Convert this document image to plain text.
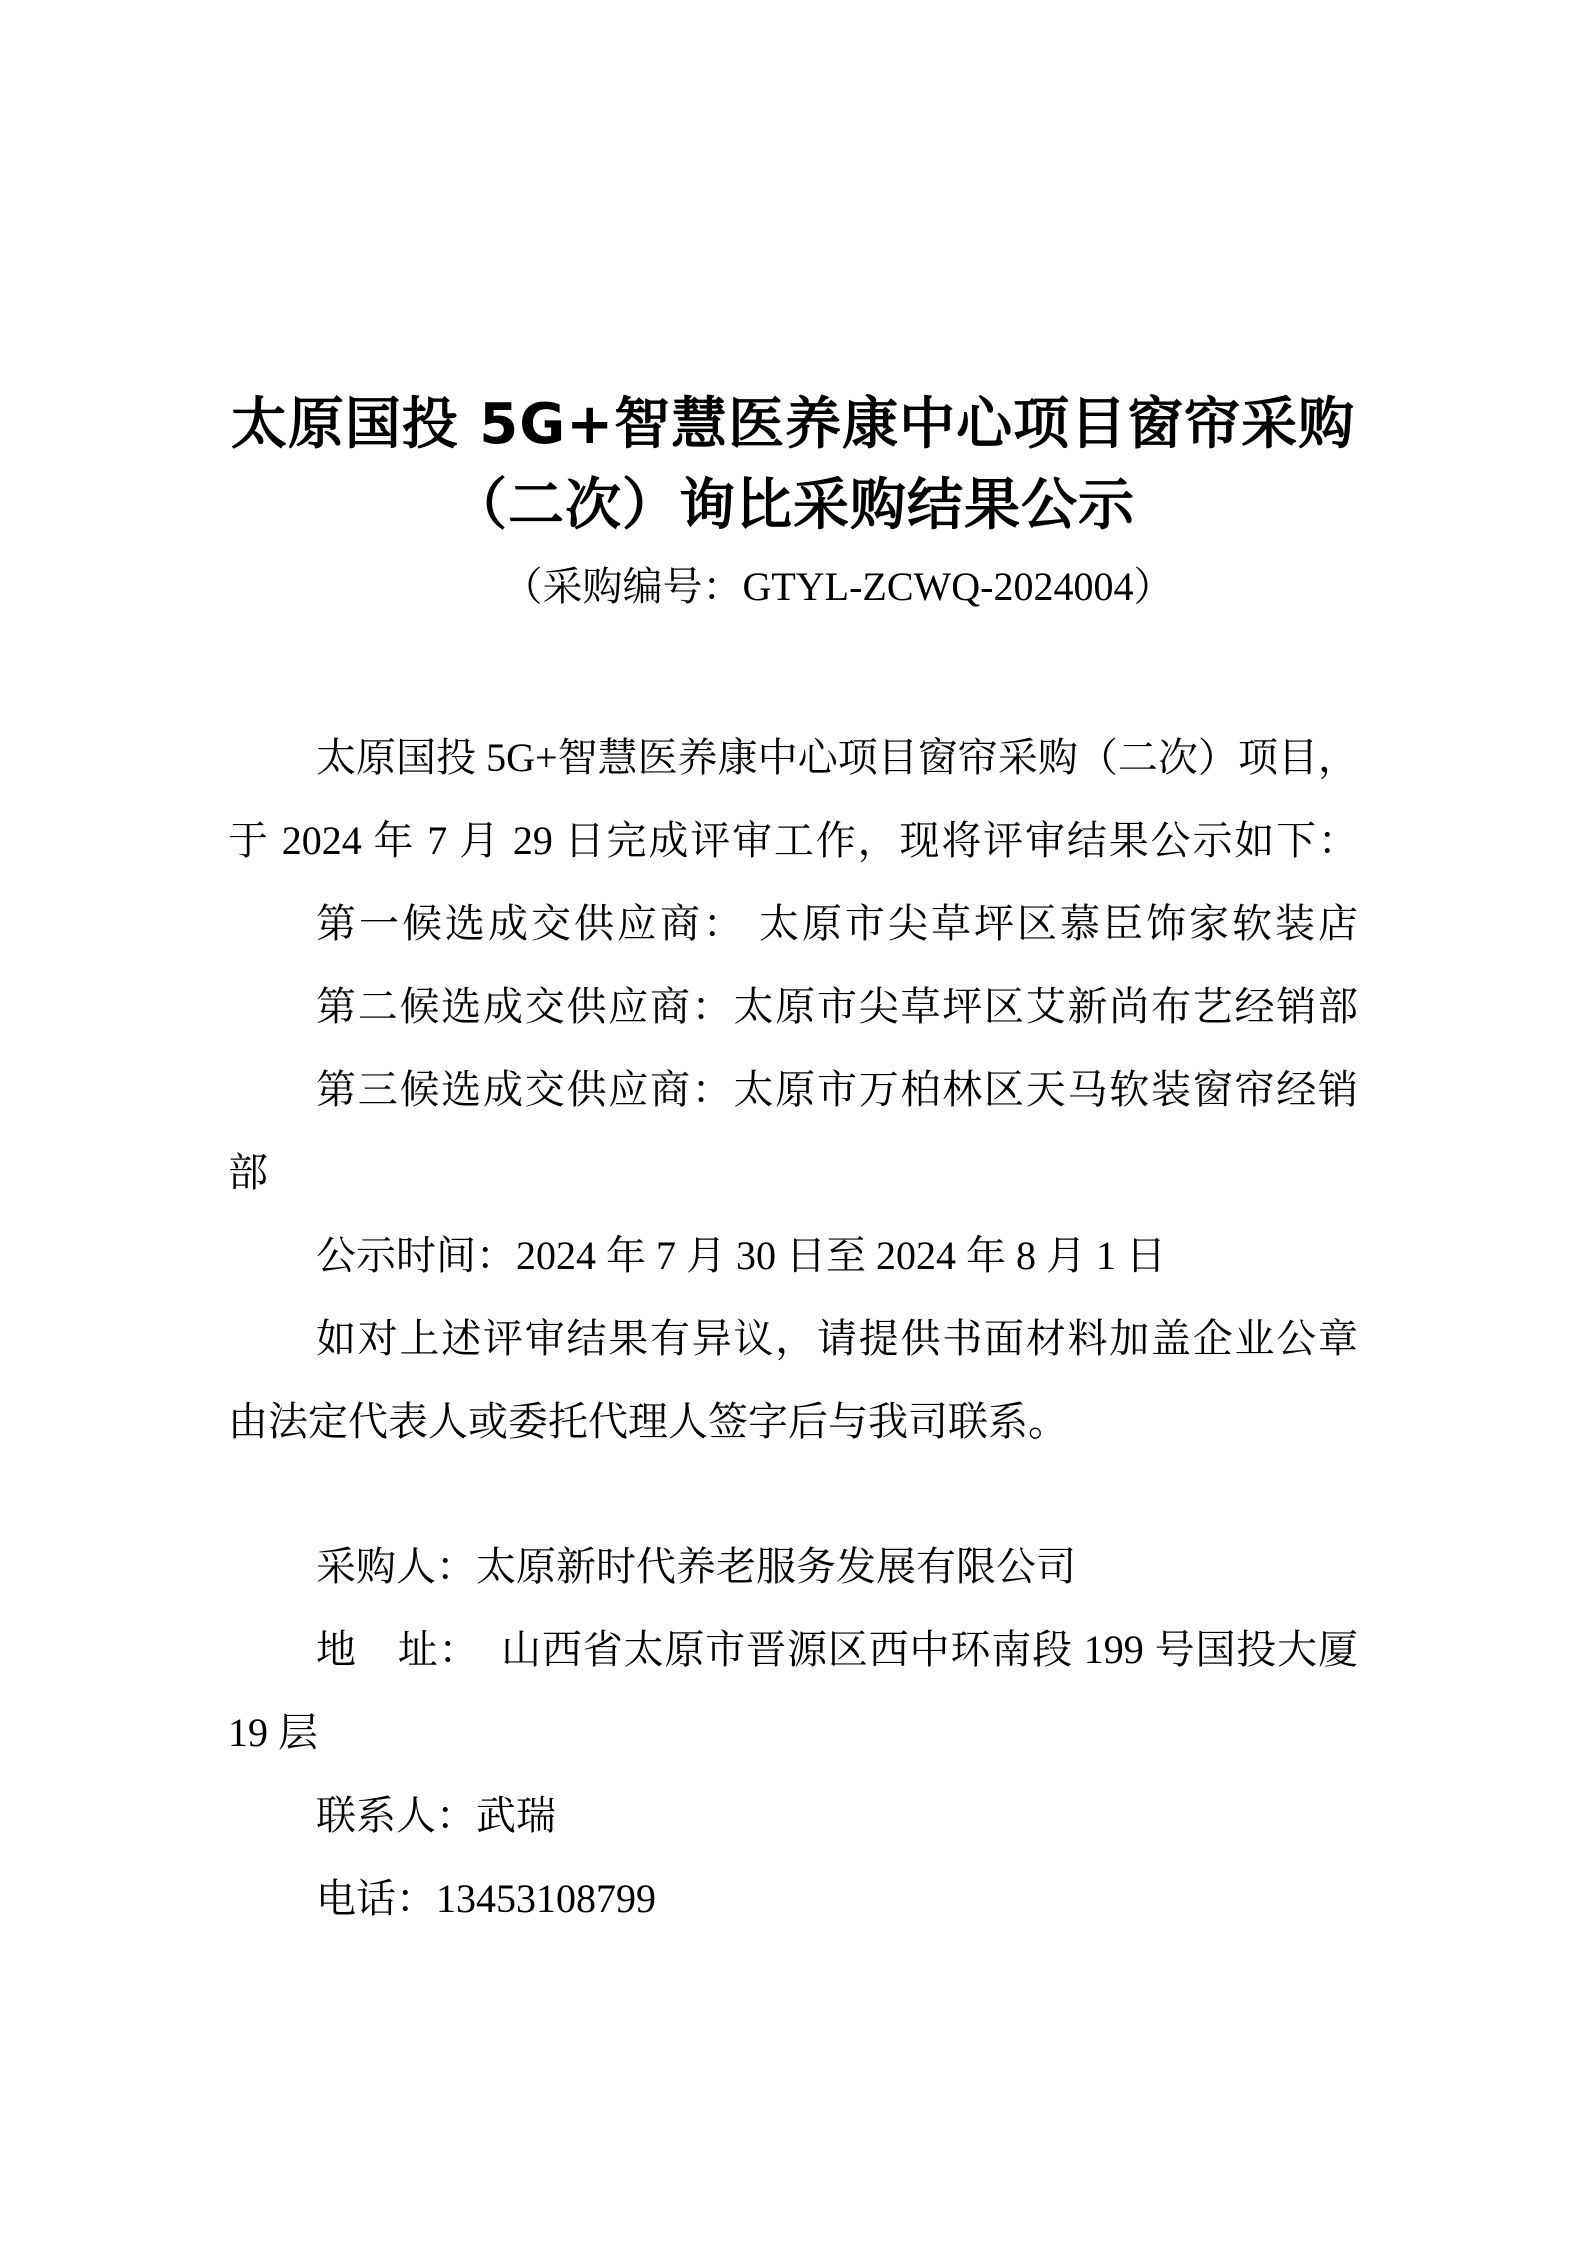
太原国投 5G+智慧医养康中心项目窗帘采购
（二次）询比采购结果公示
（采购编号：GTYL-ZCWQ-2024004）
太原国投 5G+智慧医养康中心项目窗帘采购（二次）项目，
于 2024 年 7 月 29 日完成评审工作，现将评审结果公示如下：
第一候选成交供应商： 太原市尖草坪区慕臣饰家软装店
第二候选成交供应商：太原市尖草坪区艾新尚布艺经销部
第三候选成交供应商：太原市万柏林区天马软装窗帘经销
部
公示时间：2024 年 7 月 30 日至 2024 年 8 月 1 日
如对上述评审结果有异议，请提供书面材料加盖企业公章
由法定代表人或委托代理人签字后与我司联系。
采购人：太原新时代养老服务发展有限公司
地　址：  山西省太原市晋源区西中环南段 199 号国投大厦
19 层
联系人：武瑞
电话：13453108799
